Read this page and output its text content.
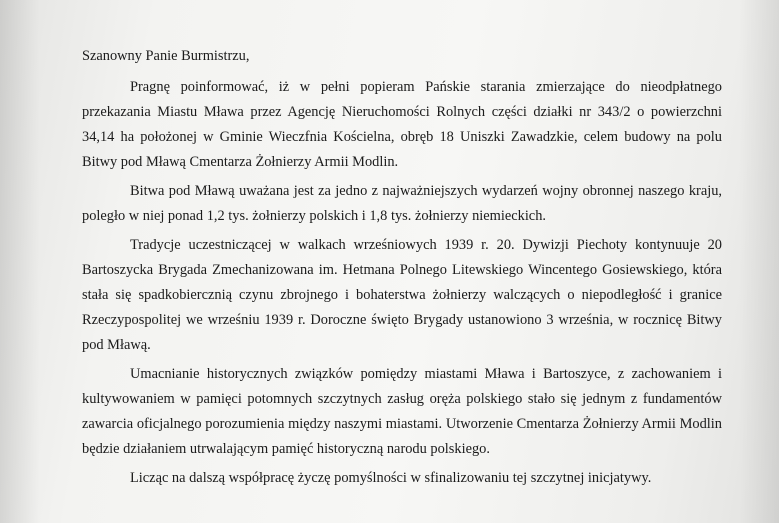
Szanowny Panie Burmistrzu,

Pragnę poinformować, iż w pełni popieram Pańskie starania zmierzające do nieodpłatnego przekazania Miastu Mława przez Agencję Nieruchomości Rolnych części działki nr 343/2 o powierzchni 34,14 ha położonej w Gminie Wieczfnia Kościelna, obręb 18 Uniszki Zawadzkie, celem budowy na polu Bitwy pod Mławą Cmentarza Żołnierzy Armii Modlin.

Bitwa pod Mławą uważana jest za jedno z najważniejszych wydarzeń wojny obronnej naszego kraju, poległo w niej ponad 1,2 tys. żołnierzy polskich i 1,8 tys. żołnierzy niemieckich.

Tradycje uczestniczącej w walkach wrześniowych 1939 r. 20. Dywizji Piechoty kontynuuje 20 Bartoszycka Brygada Zmechanizowana im. Hetmana Polnego Litewskiego Wincentego Gosiewskiego, która stała się spadkobiercznią czynu zbrojnego i bohaterstwa żołnierzy walczących o niepodległość i granice Rzeczypospolitej we wrześniu 1939 r. Doroczne święto Brygady ustanowiono 3 września, w rocznicę Bitwy pod Mławą.

Umacnianie historycznych związków pomiędzy miastami Mława i Bartoszyce, z zachowaniem i kultywowaniem w pamięci potomnych szczytnych zasług oręża polskiego stało się jednym z fundamentów zawarcia oficjalnego porozumienia między naszymi miastami. Utworzenie Cmentarza Żołnierzy Armii Modlin będzie działaniem utrwalającym pamięć historyczną narodu polskiego.

Licząc na dalszą współpracę życzę pomyślności w sfinalizowaniu tej szczytnej inicjatywy.
